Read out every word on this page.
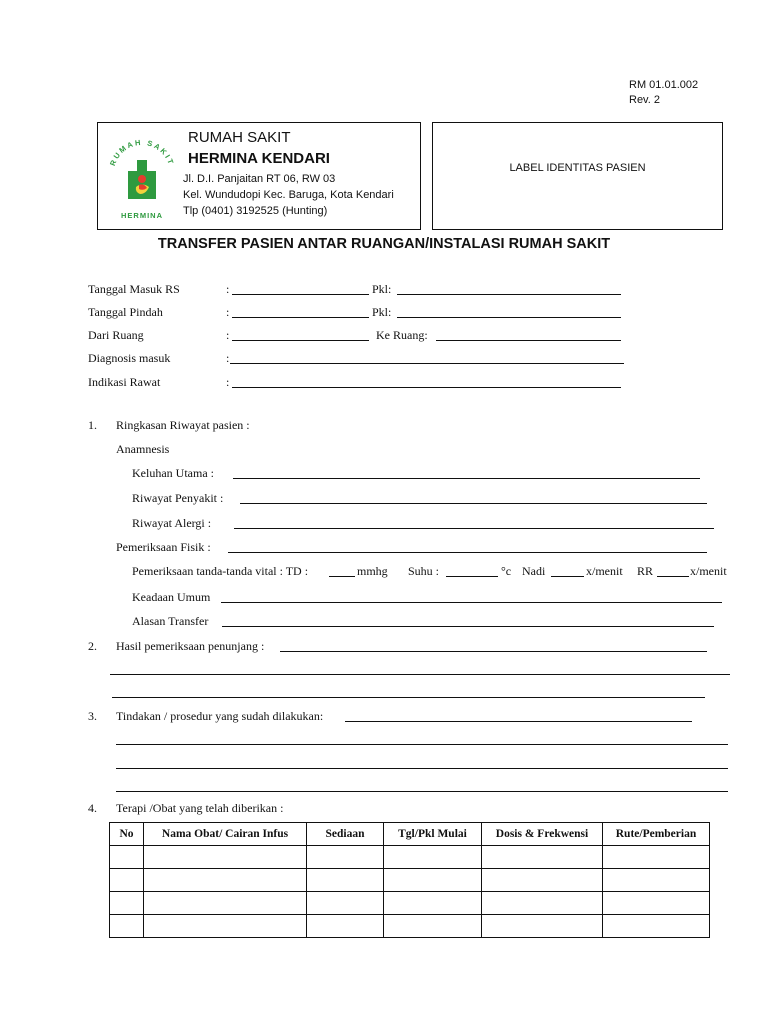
RM 01.01.002
Rev. 2
RUMAH SAKIT
HERMINA
RUMAH SAKIT
HERMINA KENDARI
Jl. D.I. Panjaitan RT 06, RW 03
Kel. Wundudopi Kec. Baruga, Kota Kendari
Tlp (0401) 3192525 (Hunting)
LABEL IDENTITAS PASIEN
TRANSFER PASIEN ANTAR RUANGAN/INSTALASI RUMAH SAKIT
Tanggal Masuk RS	:	Pkl:
Tanggal Pindah	:	Pkl:
Dari Ruang	:	Ke Ruang:
Diagnosis masuk	:
Indikasi Rawat	:
1. Ringkasan Riwayat pasien :
Anamnesis
Keluhan Utama :
Riwayat Penyakit :
Riwayat Alergi :
Pemeriksaan Fisik :
Pemeriksaan tanda-tanda vital : TD :	mmhg Suhu :	°c Nadi	x/menit RR	x/menit
Keadaan Umum
Alasan Transfer
2. Hasil pemeriksaan penunjang :
3. Tindakan / prosedur yang sudah dilakukan:
4. Terapi /Obat yang telah diberikan :
No	Nama Obat/ Cairan Infus	Sediaan	Tgl/Pkl Mulai	Dosis & Frekwensi	Rute/Pemberian
